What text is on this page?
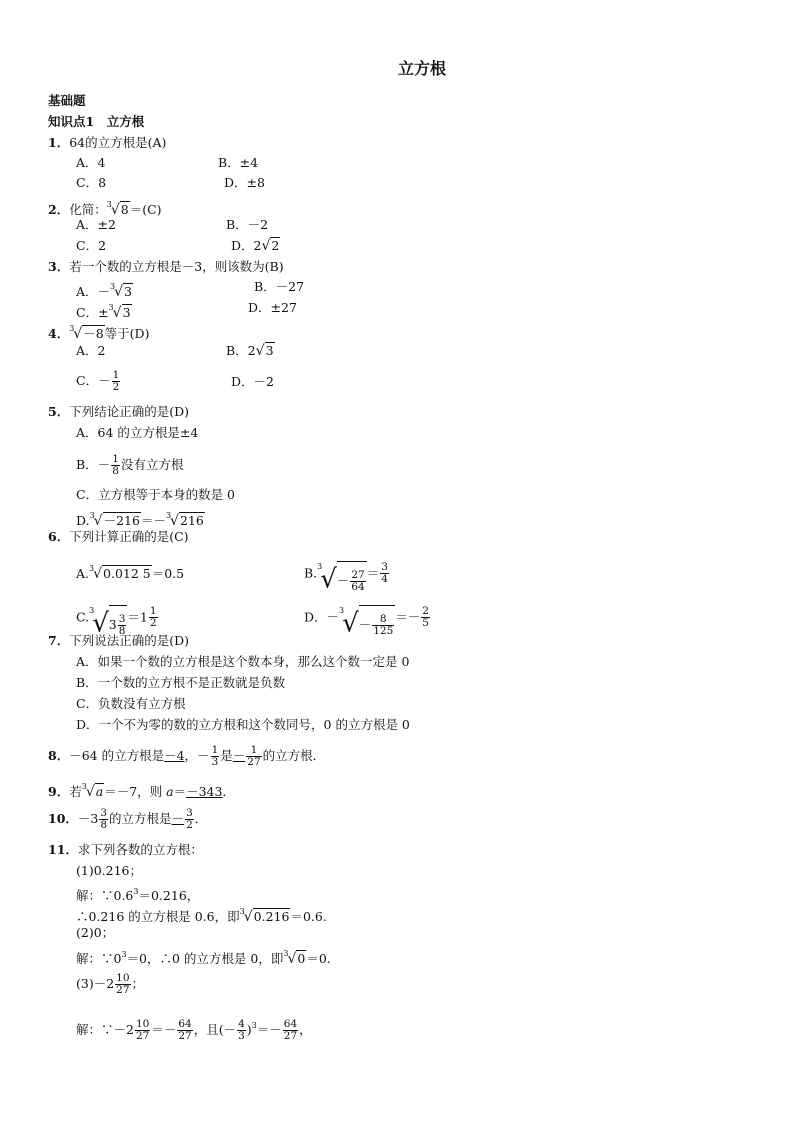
立方根
基础题
知识点1　立方根
1．64的立方根是(A)
A．4	B．±4
C．8	D．±8
2．化简：$^3$√8＝(C)
A．±2	B．－2
C．2	D．2√2
3．若一个数的立方根是－3，则该数为(B)
A．－$^3$√3	B．－27
C．±$^3$√3	D．±27
4．$^3$√－8等于(D)
A．2	B．2√3
C．－ $\frac{1}{2}$	D．－2
5．下列结论正确的是(D)
A．64 的立方根是±4
B．－ $\frac{1}{8}$ 没有立方根
C．立方根等于本身的数是 0
D.$^3$√－216＝－$^3$√216
6．下列计算正确的是(C)
A.$^3$√0.012 5＝0.5	$B.^3√- \frac{27}{64} = \frac{3}{4}$
$C.^3√3 \frac{3}{8} =1 \frac{1}{2}$	D．$-^3√- \frac{8}{125} =- \frac{2}{5}$
7．下列说法正确的是(D)
A．如果一个数的立方根是这个数本身，那么这个数一定是 0
B．一个数的立方根不是正数就是负数
C．负数没有立方根
D．一个不为零的数的立方根和这个数同号，0 的立方根是 0
8．－64 的立方根是－4，－ $\frac{1}{3}$ 是－ $\frac{1}{27}$ 的立方根．
9．若$^3$√a＝－7，则 a＝－343．
10．$-3 \frac{3}{8}$ 的立方根是－ $\frac{3}{2}$ ．
11．求下列各数的立方根：
(1)0.216；
解：$\because 0.6^3=0.216$，
∴0.216 的立方根是 0.6，即$^3$√0.216＝0.6.
(2)0；
解：$\because 0^3=0$，∴0 的立方根是 0，即$^3$√0＝0.
$(3)-2 \frac{10}{27}$ ；
解：∵－2 $\frac{10}{27} =- \frac{64}{27}$ ，且(－ $\frac{4}{3} )^3=- \frac{64}{27}$ ，
